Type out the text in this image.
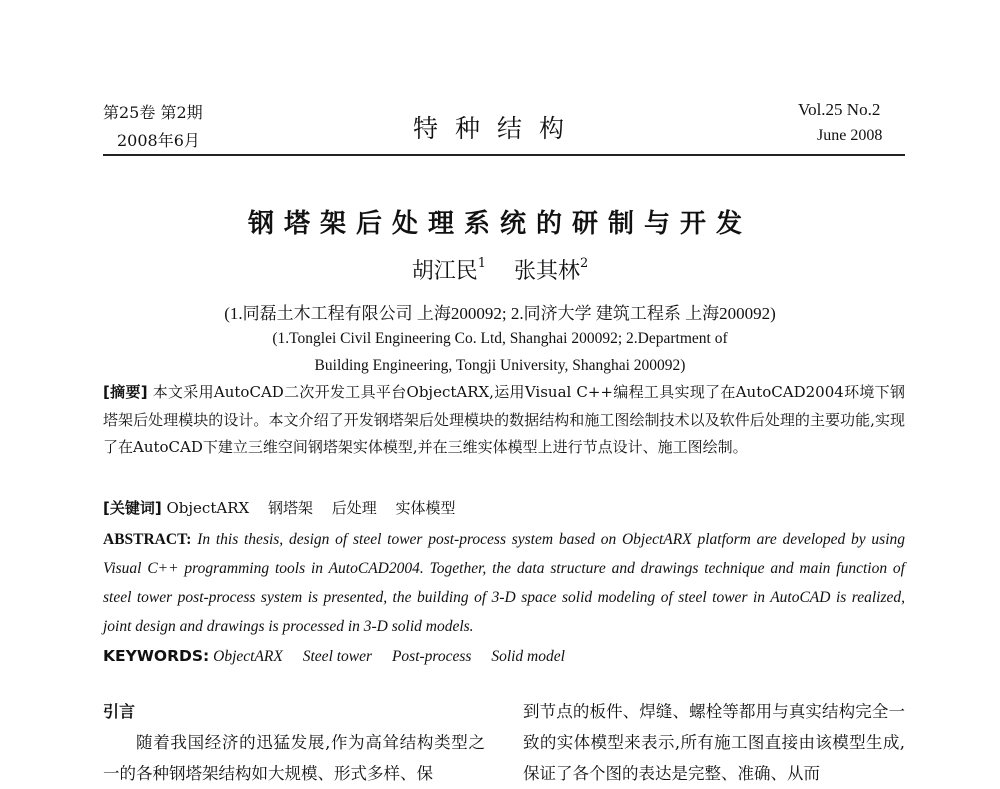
第25卷 第2期
2008年6月	特种结构
Vol.25 No.2
June 2008
钢塔架后处理系统的研制与开发
胡江民$^1$ 张其林$^2$
(1.同磊土木工程有限公司 上海200092; 2.同济大学 建筑工程系 上海200092)
(1.Tonglei Civil Engineering Co. Ltd, Shanghai 200092; 2.Department of
Building Engineering, Tongji University, Shanghai 200092)
[摘要] 本文采用AutoCAD二次开发工具平台ObjectARX,运用Visual C++编程工具实现了在AutoCAD2004环境下钢塔架后处理模块的设计。本文介绍了开发钢塔架后处理模块的数据结构和施工图绘制技术以及软件后处理的主要功能,实现了在AutoCAD下建立三维空间钢塔架实体模型,并在三维实体模型上进行节点设计、施工图绘制。
[关键词] ObjectARX 钢塔架 后处理 实体模型
ABSTRACT: In this thesis, design of steel tower post-process system based on ObjectARX platform are developed by using Visual C++ programming tools in AutoCAD2004. Together, the data structure and drawings technique and main function of steel tower post-process system is presented, the building of 3-D space solid modeling of steel tower in AutoCAD is realized, joint design and drawings is processed in 3-D solid models.
KEYWORDS: ObjectARX Steel tower Post-process Solid model
引言
随着我国经济的迅猛发展,作为高耸结构类型之一的各种钢塔架结构如大规模、形式多样、保
到节点的板件、焊缝、螺栓等都用与真实结构完全一致的实体模型来表示,所有施工图直接由该模型生成,保证了各个图的表达是完整、准确、从而
